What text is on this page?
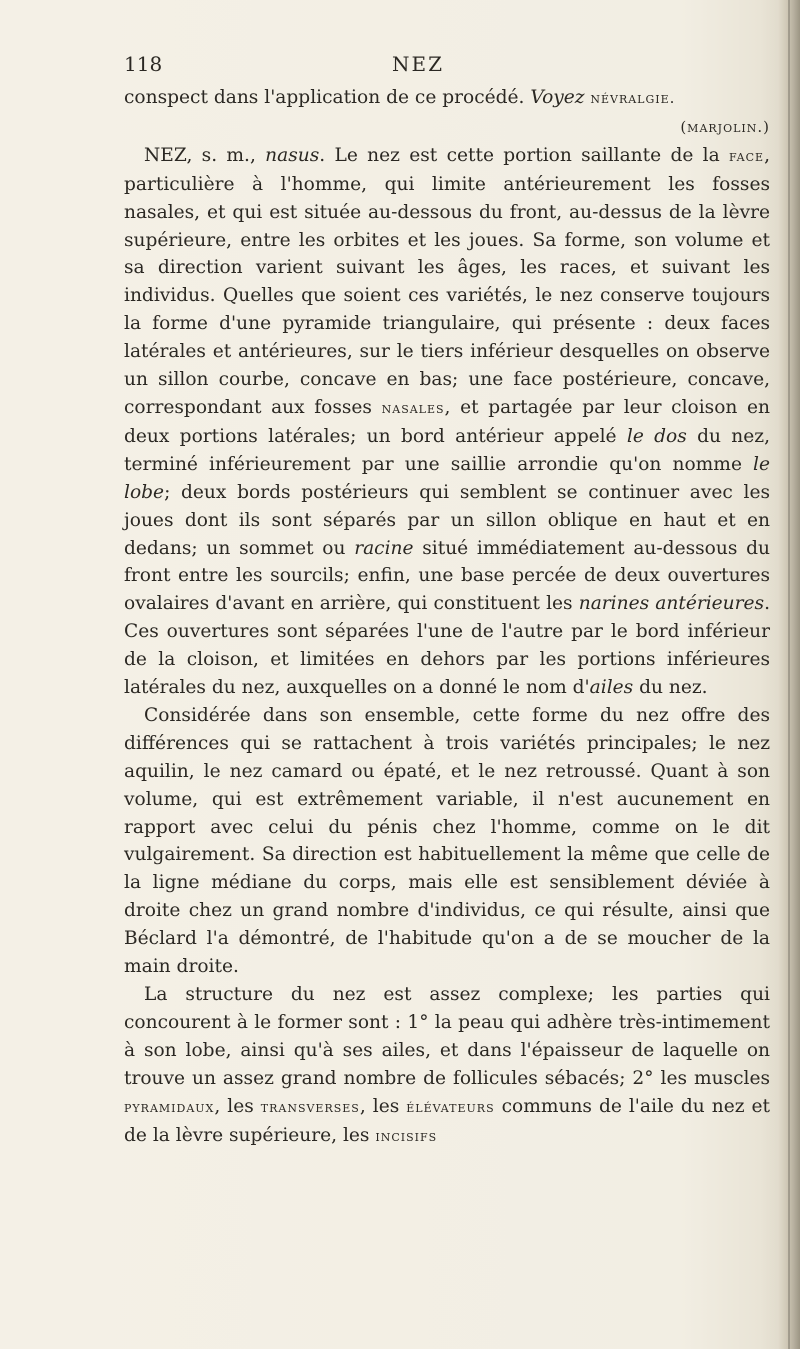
118	NEZ

conspect dans l'application de ce procédé. Voyez névralgie.

(marjolin.)

NEZ, s. m., nasus. Le nez est cette portion saillante de la face, particulière à l'homme, qui limite antérieurement les fosses nasales, et qui est située au-dessous du front, au-dessus de la lèvre supérieure, entre les orbites et les joues. Sa forme, son volume et sa direction varient suivant les âges, les races, et suivant les individus. Quelles que soient ces variétés, le nez conserve toujours la forme d'une pyramide triangulaire, qui présente : deux faces latérales et antérieures, sur le tiers inférieur desquelles on observe un sillon courbe, concave en bas; une face postérieure, concave, correspondant aux fosses nasales, et partagée par leur cloison en deux portions latérales; un bord antérieur appelé le dos du nez, terminé inférieurement par une saillie arrondie qu'on nomme le lobe; deux bords postérieurs qui semblent se continuer avec les joues dont ils sont séparés par un sillon oblique en haut et en dedans; un sommet ou racine situé immédiatement au-dessous du front entre les sourcils; enfin, une base percée de deux ouvertures ovalaires d'avant en arrière, qui constituent les narines antérieures. Ces ouvertures sont séparées l'une de l'autre par le bord inférieur de la cloison, et limitées en dehors par les portions inférieures latérales du nez, auxquelles on a donné le nom d'ailes du nez.

Considérée dans son ensemble, cette forme du nez offre des différences qui se rattachent à trois variétés principales; le nez aquilin, le nez camard ou épaté, et le nez retroussé. Quant à son volume, qui est extrêmement variable, il n'est aucunement en rapport avec celui du pénis chez l'homme, comme on le dit vulgairement. Sa direction est habituellement la même que celle de la ligne médiane du corps, mais elle est sensiblement déviée à droite chez un grand nombre d'individus, ce qui résulte, ainsi que Béclard l'a démontré, de l'habitude qu'on a de se moucher de la main droite.

La structure du nez est assez complexe; les parties qui concourent à le former sont : 1° la peau qui adhère très-intimement à son lobe, ainsi qu'à ses ailes, et dans l'épaisseur de laquelle on trouve un assez grand nombre de follicules sébacés; 2° les muscles pyramidaux, les transverses, les élévateurs communs de l'aile du nez et de la lèvre supérieure, les incisifs
